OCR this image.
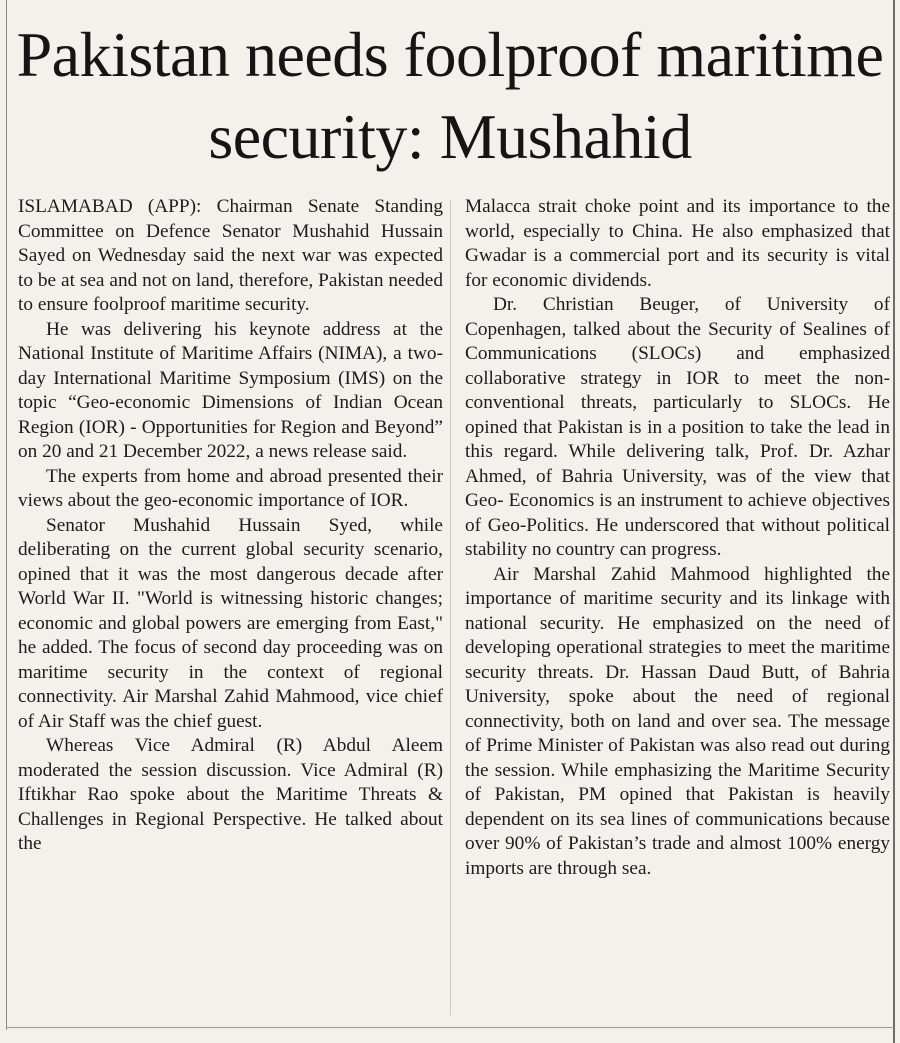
Pakistan needs foolproof maritime security: Mushahid

ISLAMABAD (APP): Chairman Senate Standing Committee on Defence Senator Mushahid Hussain Sayed on Wednesday said the next war was expected to be at sea and not on land, therefore, Pakistan needed to ensure foolproof maritime security.

He was delivering his keynote address at the National Institute of Maritime Affairs (NIMA), a two-day International Maritime Symposium (IMS) on the topic “Geo-economic Dimensions of Indian Ocean Region (IOR) - Opportunities for Region and Beyond” on 20 and 21 December 2022, a news release said.

The experts from home and abroad presented their views about the geo-economic importance of IOR.

Senator Mushahid Hussain Syed, while deliberating on the current global security scenario, opined that it was the most dangerous decade after World War II. "World is witnessing historic changes; economic and global powers are emerging from East," he added. The focus of second day proceeding was on maritime security in the context of regional connectivity. Air Marshal Zahid Mahmood, vice chief of Air Staff was the chief guest.

Whereas Vice Admiral (R) Abdul Aleem moderated the session discussion. Vice Admiral (R) Iftikhar Rao spoke about the Maritime Threats & Challenges in Regional Perspective. He talked about the

Malacca strait choke point and its importance to the world, especially to China. He also emphasized that Gwadar is a commercial port and its security is vital for economic dividends.

Dr. Christian Beuger, of University of Copenhagen, talked about the Security of Sealines of Communications (SLOCs) and emphasized collaborative strategy in IOR to meet the non-conventional threats, particularly to SLOCs. He opined that Pakistan is in a position to take the lead in this regard. While delivering talk, Prof. Dr. Azhar Ahmed, of Bahria University, was of the view that Geo- Economics is an instrument to achieve objectives of Geo-Politics. He underscored that without political stability no country can progress.

Air Marshal Zahid Mahmood highlighted the importance of maritime security and its linkage with national security. He emphasized on the need of developing operational strategies to meet the maritime security threats. Dr. Hassan Daud Butt, of Bahria University, spoke about the need of regional connectivity, both on land and over sea. The message of Prime Minister of Pakistan was also read out during the session. While emphasizing the Maritime Security of Pakistan, PM opined that Pakistan is heavily dependent on its sea lines of communications because over 90% of Pakistan’s trade and almost 100% energy imports are through sea.
